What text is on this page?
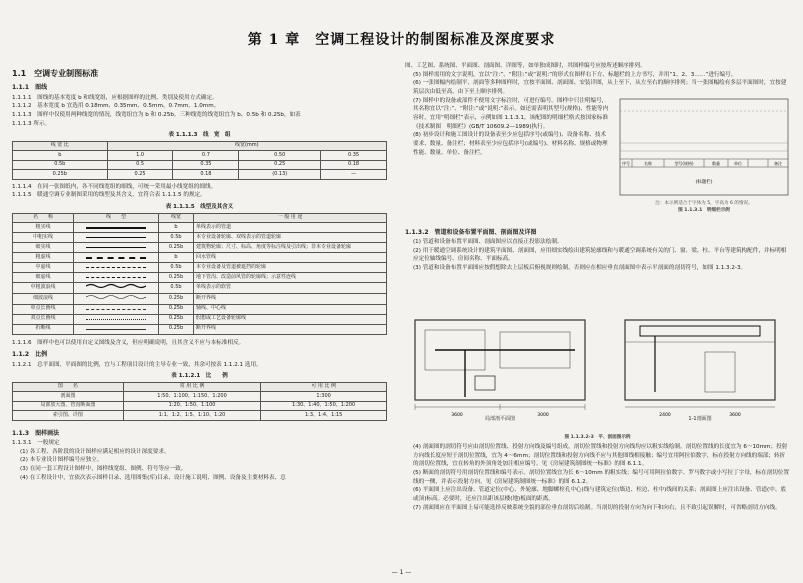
第 1 章　空调工程设计的制图标准及深度要求
1.1　空调专业制图标准
1.1.1　图线

1.1.1.1　图线的基本宽度 b 和线宽组，应根据图样的比例、类别及使用方式确定。

1.1.1.2　基本宽度 b 宜选用 0.18mm、0.35mm、0.5mm、0.7mm、1.0mm。

1.1.1.3　图样中仅使用两种线宽的情况，线宽组宜为 b 和 0.25b。三种线宽的线宽组宜为 b、0.5b 和 0.25b，如表

1.1.1.3 所示。

表 1.1.1.3　线　宽　组
线 宽 比	线宽(mm)			
b	1.0	0.7	0.50	0.35
0.5b	0.5	0.35	0.25	0.18
0.25b	0.25	0.18	(0.13)	—

1.1.1.4　在同一张图纸内，各不同线宽组的细线，可统一采用最小线宽组的细线。

1.1.1.5　暖通空调专业制图采用的线型及其含义，宜符合表 1.1.1.5 的规定。

表 1.1.1.5　线型及其含义
名　　称	线　　型	线宽	一 般 用 途
粗实线		b	单线表示的管道
中粗实线		0.5b	本专业设备轮廓、双线表示的管道轮廓
细实线		0.25b	建筑物轮廓；尺寸、标高、角度等标注线及引出线；非本专业设备轮廓
粗虚线		b	回水管线
中虚线		0.5b	本专业设备及管道被遮挡的轮廓
细虚线		0.25b	地下管沟、改造前风管的轮廓线；示意性连线
中粗波浪线		0.5b	单线表示的软管
细波浪线		0.25b	断开界线
单点长画线		0.25b	轴线、中心线
双点长画线		0.25b	假想或工艺设备轮廓线
折断线		0.25b	断开界线

1.1.1.6　图样中也可以使用自定义图线及含义，但应明确说明，且其含义不应与本标准相反。

1.1.2　比例

1.1.2.1　总平面图、平面图的比例，宜与工程项目设计的主导专业一致，其余可按表 1.1.2.1 选用。

表 1.1.2.1　比　　例
图　　名	常 用 比 例	可 用 比 例
剖面图	1:50、1:100、1:150、1:200	1:300
局部放大图、管沟断面图	1:20、1:50、1:100	1:30、1:40、1:50、1:200
索引图、详图	1:1、1:2、1:5、1:10、1:20	1:3、1:4、1:15
1.1.3　图样画法

1.1.3.1　一般规定

(1) 各工程、各阶段的设计图样应满足相应的设计深度要求。

(2) 本专业设计图样编号应独立。

(3) 在同一套工程设计图样中，图样线宽组、图例、符号等应一致。

(4) 在工程设计中，宜依次表示图样目录、选用图集(库)目录、设计施工说明、图例、设备及主要材料表、总

图、工艺图、系统图、平面图、剖面图、详图等，如单独成图时，其图样编号应按所述顺序排列。

(5) 图样需用的文字说明，宜以“注:”、“附注:”或“说明:”的形式在图样右下方、标题栏的上方书写，并用“1、2、3……”进行编号。

(6) 一张图幅内绘制平、剖面等多种图样时，宜按平面图、剖面图、安装详图，从上至下，从左至右的顺序排列；当一张图幅绘有多层平面图时，宜按建筑层次由低至高，由下至上顺序排列。

(7) 图样中的设备或部件不便用文字标注时，可进行编号。图样中只注明编号，其名称宜以“注:”、“附注:”或“说明:”表示。如还需表明其型号(规格)、性能等内容时，宜用“明细栏”表示，示例如图 1.1.3.1，该配图的明细栏格式按国家标准《技术制图　明细栏》(GB/T 10609.2—1989)执行。

(8) 初步设计和施工图设计的设备表至少应包括序号(或编号)、设备名称、技术要求、数量、备注栏；材料表至少应包括序号(或编号)、材料名称、规格或物理性能、数量、单位、备注栏。

序号	名称	型号(规格)	数量	单位	备注
(标题栏)
注：本示例适合于字体为 5，字高为 6 的情况。
图 1.1.3.1　明细栏示例
1.1.3.2　管道和设备布置平面图、剖面图及详图

(1) 管道和设备布置平面图、剖面图应以直接正投影法绘制。

(2) 用于暖通空调系统设计的建筑平面图、剖面图，应用细实线绘出建筑轮廓线和与暖通空调系统有关的门、窗、梁、柱、平台等建筑构配件，并标明相应定位轴线编号、房间名称、平面标高。

(3) 管道和设备布置平面图应按假想除去上层板后俯视规则绘制，否则应在相应垂直剖面图中表示平剖面的剖切符号，如图 1.1.3.2-3。

3600	3000	2400	3600
局部剖平面图	1-1剖面图
图 1.1.3.2-3　平、剖面图示例

(4) 剖面图的剖切符号应由剖切位置线、投射方向线及编号组成，剖切位置线和投射方向线均应以粗实线绘制。剖切位置线的长度宜为 6～10mm；投射方向线长度应短于剖切位置线，宜为 4～6mm；剖切位置线和投射方向线不应与其他图线相接触；编号宜用阿拉伯数字，标在投射方向线的端部；转折的剖切位置线，宜在转角的外顶角处加注相应编号。见《房屋建筑制图统一标准》的图 6.1.1。

(5) 断面的剖切符号用剖切位置线和编号表示。剖切位置线宜为长 6～10mm 的粗实线；编号可用阿拉伯数字、罗马数字或小写拉丁字母，标在剖切位置线的一侧，并表示投射方向，见《房屋建筑制图统一标准》的图 6.1.2。

(6) 平面图上应注出设备、管道定位(中心、外轮廓、地脚螺栓孔中心)线与建筑定位(墙边、柱边、柱中)线间的关系；剖面图上应注出设备、管道(中、底或顶)标高。必要时，还应注出距该层楼(地)板面的距离。

(7) 剖面图应在平面图上易可能选择反映系统全貌的部位垂直剖切后绘制。当剖切的投射方向为向下和向右，且不致引起误解时，可省略剖切方向线。

— 1 —
